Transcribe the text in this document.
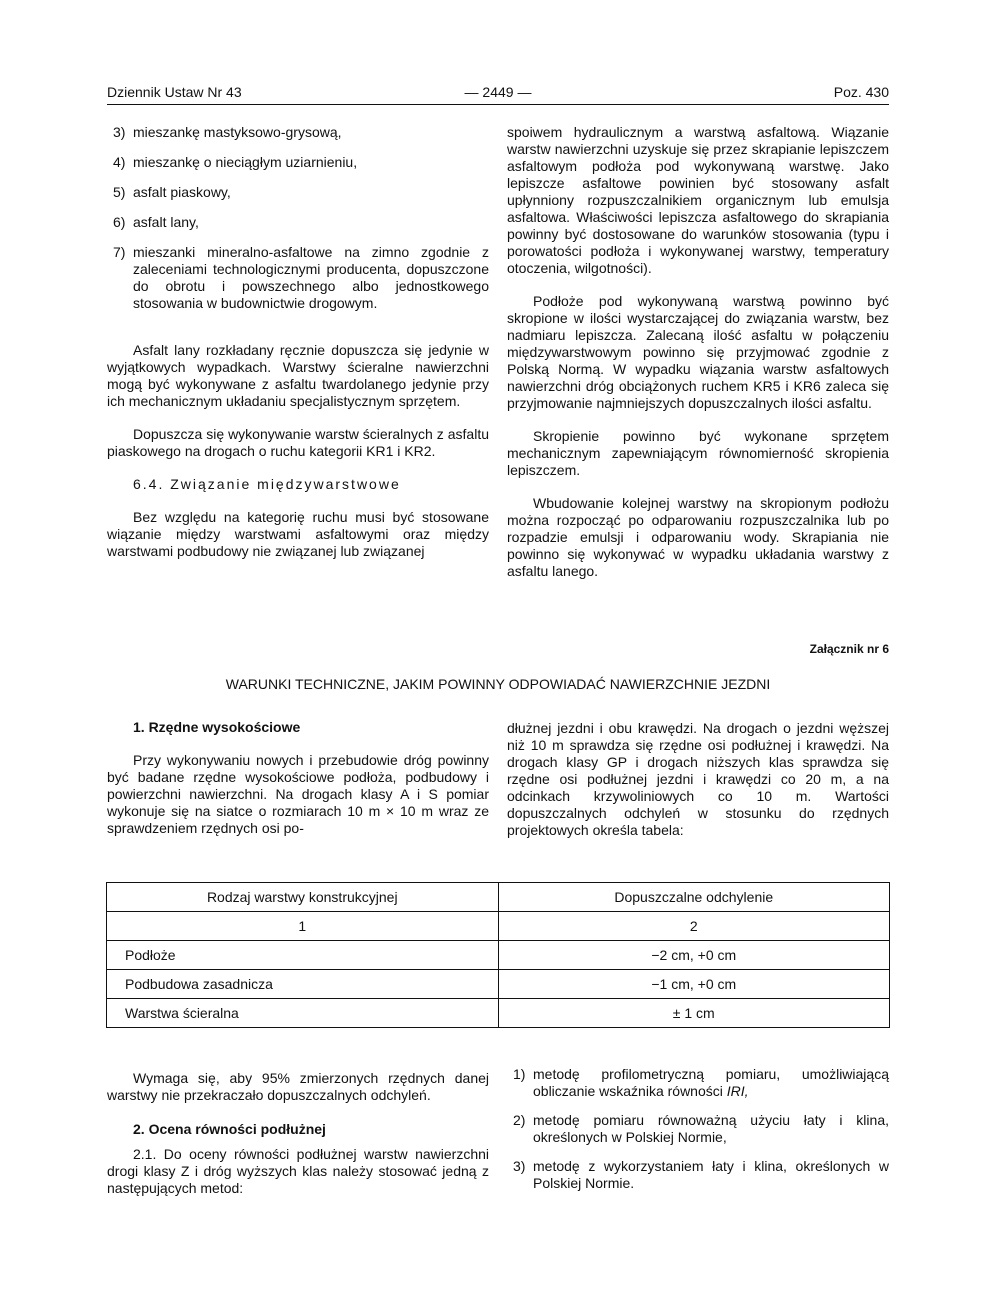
Dziennik Ustaw Nr 43	— 2449 —	Poz. 430
3) mieszankę mastyksowo-grysową,
4) mieszankę o nieciągłym uziarnieniu,
5) asfalt piaskowy,
6) asfalt lany,
7) mieszanki mineralno-asfaltowe na zimno zgodnie z zaleceniami technologicznymi producenta, dopuszczone do obrotu i powszechnego albo jednostkowego stosowania w budownictwie drogowym.

Asfalt lany rozkładany ręcznie dopuszcza się jedynie w wyjątkowych wypadkach. Warstwy ścieralne nawierzchni mogą być wykonywane z asfaltu twardolanego jedynie przy ich mechanicznym układaniu specjalistycznym sprzętem.

Dopuszcza się wykonywanie warstw ścieralnych z asfaltu piaskowego na drogach o ruchu kategorii KR1 i KR2.

6.4. Związanie międzywarstwowe

Bez względu na kategorię ruchu musi być stosowane wiązanie między warstwami asfaltowymi oraz między warstwami podbudowy nie związanej lub związanej

spoiwem hydraulicznym a warstwą asfaltową. Wiązanie warstw nawierzchni uzyskuje się przez skrapianie lepiszczem asfaltowym podłoża pod wykonywaną warstwę. Jako lepiszcze asfaltowe powinien być stosowany asfalt upłynniony rozpuszczalnikiem organicznym lub emulsja asfaltowa. Właściwości lepiszcza asfaltowego do skrapiania powinny być dostosowane do warunków stosowania (typu i porowatości podłoża i wykonywanej warstwy, temperatury otoczenia, wilgotności).

Podłoże pod wykonywaną warstwą powinno być skropione w ilości wystarczającej do związania warstw, bez nadmiaru lepiszcza. Zalecaną ilość asfaltu w połączeniu międzywarstwowym powinno się przyjmować zgodnie z Polską Normą. W wypadku wiązania warstw asfaltowych nawierzchni dróg obciążonych ruchem KR5 i KR6 zaleca się przyjmowanie najmniejszych dopuszczalnych ilości asfaltu.

Skropienie powinno być wykonane sprzętem mechanicznym zapewniającym równomierność skropienia lepiszczem.

Wbudowanie kolejnej warstwy na skropionym podłożu można rozpocząć po odparowaniu rozpuszczalnika lub po rozpadzie emulsji i odparowaniu wody. Skrapiania nie powinno się wykonywać w wypadku układania warstwy z asfaltu lanego.

Załącznik nr 6
WARUNKI TECHNICZNE, JAKIM POWINNY ODPOWIADAĆ NAWIERZCHNIE JEZDNI

1. Rzędne wysokościowe

Przy wykonywaniu nowych i przebudowie dróg powinny być badane rzędne wysokościowe podłoża, podbudowy i powierzchni nawierzchni. Na drogach klasy A i S pomiar wykonuje się na siatce o rozmiarach 10 m × 10 m wraz ze sprawdzeniem rzędnych osi po-

dłużnej jezdni i obu krawędzi. Na drogach o jezdni węższej niż 10 m sprawdza się rzędne osi podłużnej i krawędzi. Na drogach klasy GP i drogach niższych klas sprawdza się rzędne osi podłużnej jezdni i krawędzi co 20 m, a na odcinkach krzywoliniowych co 10 m. Wartości dopuszczalnych odchyleń w stosunku do rzędnych projektowych określa tabela:

Rodzaj warstwy konstrukcyjnej	Dopuszczalne odchylenie
1	2
Podłoże	−2 cm, +0 cm
Podbudowa zasadnicza	−1 cm, +0 cm
Warstwa ścieralna	± 1 cm

Wymaga się, aby 95% zmierzonych rzędnych danej warstwy nie przekraczało dopuszczalnych odchyleń.

2. Ocena równości podłużnej

2.1. Do oceny równości podłużnej warstw nawierzchni drogi klasy Z i dróg wyższych klas należy stosować jedną z następujących metod:

1) metodę profilometryczną pomiaru, umożliwiającą obliczanie wskaźnika równości IRI,
2) metodę pomiaru równoważną użyciu łaty i klina, określonych w Polskiej Normie,
3) metodę z wykorzystaniem łaty i klina, określonych w Polskiej Normie.
